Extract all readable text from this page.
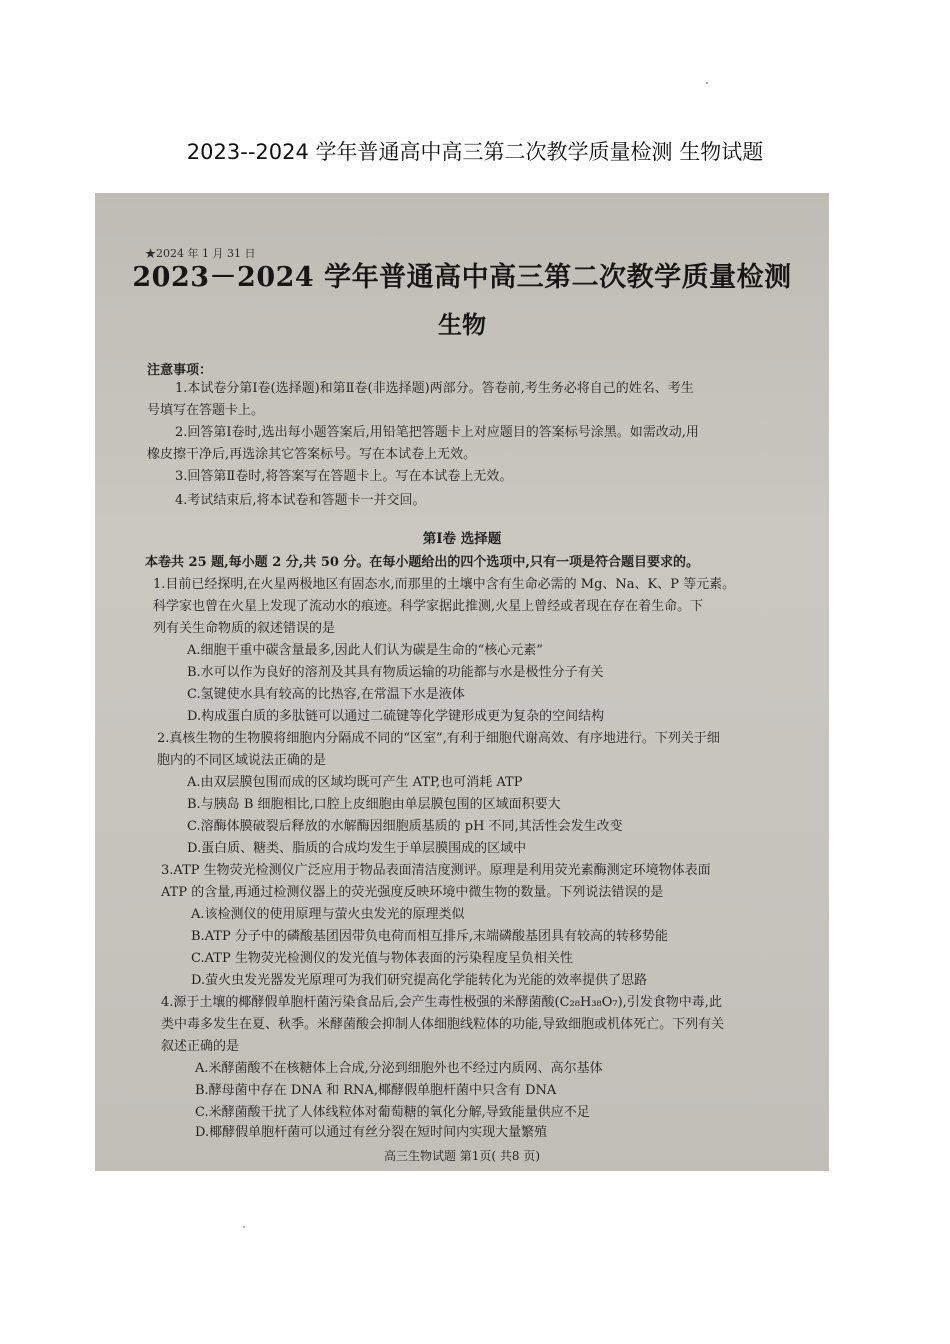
2023--2024 学年普通高中高三第二次教学质量检测 生物试题
★2024 年 1 月 31 日
2023－2024 学年普通高中高三第二次教学质量检测
生物
注意事项：
1.本试卷分第Ⅰ卷(选择题)和第Ⅱ卷(非选择题)两部分。答卷前,考生务必将自己的姓名、考生
号填写在答题卡上。
2.回答第Ⅰ卷时,选出每小题答案后,用铅笔把答题卡上对应题目的答案标号涂黑。如需改动,用
橡皮擦干净后,再选涂其它答案标号。写在本试卷上无效。
3.回答第Ⅱ卷时,将答案写在答题卡上。写在本试卷上无效。
4.考试结束后,将本试卷和答题卡一并交回。
第Ⅰ卷 选择题
本卷共 25 题,每小题 2 分,共 50 分。在每小题给出的四个选项中,只有一项是符合题目要求的。
1.目前已经探明,在火星两极地区有固态水,而那里的土壤中含有生命必需的 Mg、Na、K、P 等元素。
科学家也曾在火星上发现了流动水的痕迹。科学家据此推测,火星上曾经或者现在存在着生命。下
列有关生命物质的叙述错误的是
A.细胞干重中碳含量最多,因此人们认为碳是生命的“核心元素”
B.水可以作为良好的溶剂及其具有物质运输的功能都与水是极性分子有关
C.氢键使水具有较高的比热容,在常温下水是液体
D.构成蛋白质的多肽链可以通过二硫键等化学键形成更为复杂的空间结构
2.真核生物的生物膜将细胞内分隔成不同的“区室”,有利于细胞代谢高效、有序地进行。下列关于细
胞内的不同区域说法正确的是
A.由双层膜包围而成的区域均既可产生 ATP,也可消耗 ATP
B.与胰岛 B 细胞相比,口腔上皮细胞由单层膜包围的区域面积要大
C.溶酶体膜破裂后释放的水解酶因细胞质基质的 pH 不同,其活性会发生改变
D.蛋白质、糖类、脂质的合成均发生于单层膜围成的区域中
3.ATP 生物荧光检测仪广泛应用于物品表面清洁度测评。原理是利用荧光素酶测定环境物体表面
ATP 的含量,再通过检测仪器上的荧光强度反映环境中微生物的数量。下列说法错误的是
A.该检测仪的使用原理与萤火虫发光的原理类似
B.ATP 分子中的磷酸基团因带负电荷而相互排斥,末端磷酸基团具有较高的转移势能
C.ATP 生物荧光检测仪的发光值与物体表面的污染程度呈负相关性
D.萤火虫发光器发光原理可为我们研究提高化学能转化为光能的效率提供了思路
4.源于土壤的椰酵假单胞杆菌污染食品后,会产生毒性极强的米酵菌酸(C₂₈H₃₈O₇),引发食物中毒,此
类中毒多发生在夏、秋季。米酵菌酸会抑制人体细胞线粒体的功能,导致细胞或机体死亡。下列有关
叙述正确的是
A.米酵菌酸不在核糖体上合成,分泌到细胞外也不经过内质网、高尔基体
B.酵母菌中存在 DNA 和 RNA,椰酵假单胞杆菌中只含有 DNA
C.米酵菌酸干扰了人体线粒体对葡萄糖的氧化分解,导致能量供应不足
D.椰酵假单胞杆菌可以通过有丝分裂在短时间内实现大量繁殖
高三生物试题 第1页( 共8 页)
